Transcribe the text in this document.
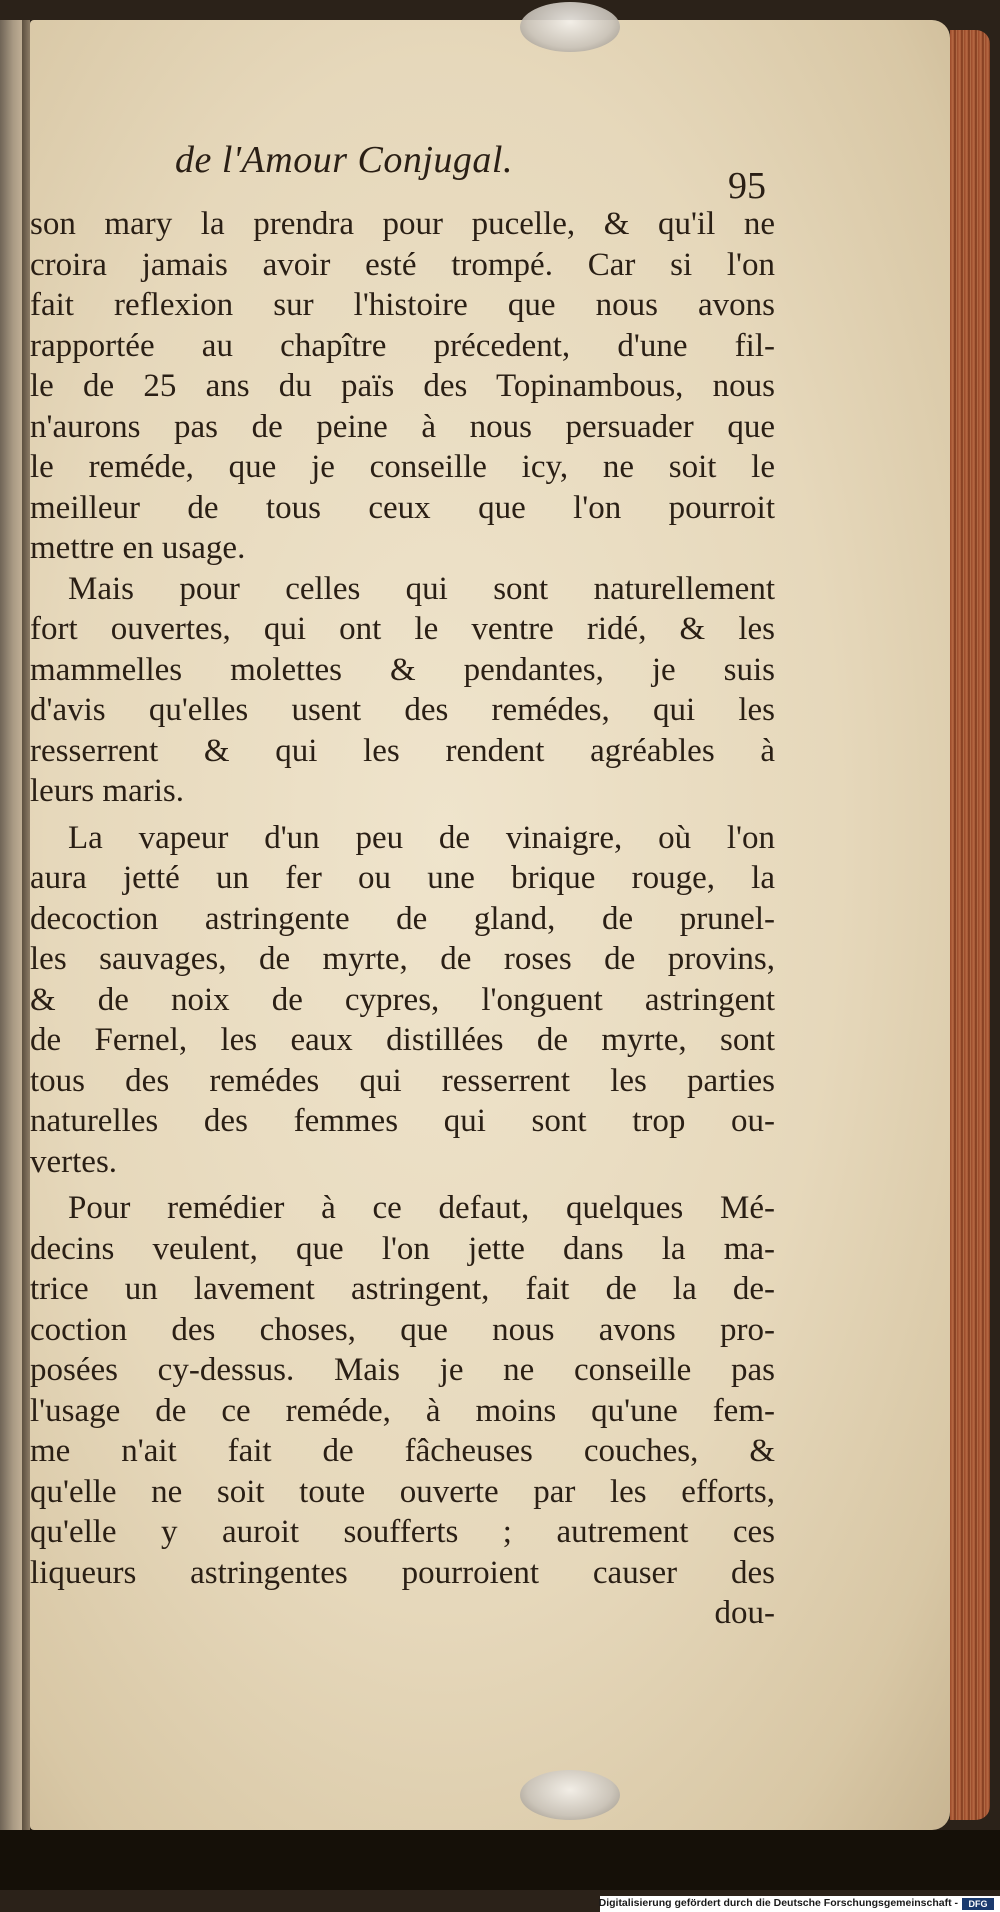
de l'Amour Conjugal.
95
son mary la prendra pour pucelle, & qu'il ne
croira jamais avoir esté trompé. Car si l'on
fait reflexion sur l'histoire que nous avons
rapportée au chapître précedent, d'une fil-
le de 25 ans du païs des Topinambous, nous
n'aurons pas de peine à nous persuader que
le reméde, que je conseille icy, ne soit le
meilleur de tous ceux que l'on pourroit
mettre en usage.
Mais pour celles qui sont naturellement
fort ouvertes, qui ont le ventre ridé, & les
mammelles molettes & pendantes, je suis
d'avis qu'elles usent des reméde​s, qui les
resserrent & qui les rendent agréables à
leurs maris.
La vapeur d'un peu de vinaigre, où l'on
aura jetté un fer ou une brique rouge, la
decoction astringente de gland, de prunel-
les sauvages, de myrte, de roses de provins,
& de noix de cypres, l'onguent astringent
de Fernel, les eaux distillées de myrte, sont
tous des reméde​s qui resserrent les parties
naturelles des femmes qui sont trop ou-
vertes.
Pour remédier à ce defaut, quelques Mé-
decins veulent, que l'on jette dans la ma-
trice un lavement astringent, fait de la de-
coction des choses, que nous avons pro-
posées cy-dessus. Mais je ne conseille pas
l'usage de ce reméde, à moins qu'une fem-
me n'ait fait de fâcheuses couches, &
qu'elle ne soit toute ouverte par les efforts,
qu'elle y auroit soufferts ; autrement ces
liqueurs astringentes pourroient causer des
dou-
Digitalisierung gefördert durch die Deutsche Forschungsgemeinschaft -	DFG
